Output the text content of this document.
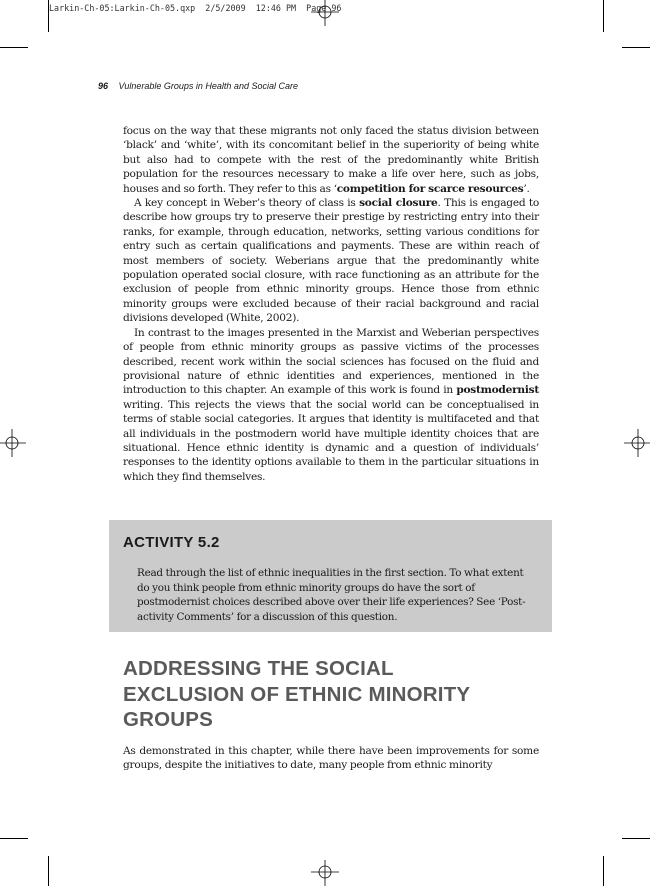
Larkin-Ch-05:Larkin-Ch-05.qxp  2/5/2009  12:46 PM  Page 96
96 Vulnerable Groups in Health and Social Care

focus on the way that these migrants not only faced the status division between ‘black’ and ‘white’, with its concomitant belief in the superiority of being white but also had to compete with the rest of the predominantly white British population for the resources necessary to make a life over here, such as jobs, houses and so forth. They refer to this as ‘competition for scarce resources’.

A key concept in Weber’s theory of class is social closure. This is engaged to describe how groups try to preserve their prestige by restricting entry into their ranks, for example, through education, networks, setting various conditions for entry such as certain qualifications and payments. These are within reach of most members of society. Weberians argue that the predominantly white population operated social closure, with race functioning as an attribute for the exclusion of people from ethnic minority groups. Hence those from ethnic minority groups were excluded because of their racial background and racial divisions developed (White, 2002).

In contrast to the images presented in the Marxist and Weberian perspectives of people from ethnic minority groups as passive victims of the processes described, recent work within the social sciences has focused on the fluid and provisional nature of ethnic identities and experiences, mentioned in the introduction to this chapter. An example of this work is found in postmodernist writing. This rejects the views that the social world can be conceptualised in terms of stable social categories. It argues that identity is multifaceted and that all individuals in the postmodern world have multiple identity choices that are situational. Hence ethnic identity is dynamic and a question of individuals’ responses to the identity options available to them in the particular situations in which they find themselves.

ACTIVITY 5.2

Read through the list of ethnic inequalities in the first section. To what extent do you think people from ethnic minority groups do have the sort of postmodernist choices described above over their life experiences? See ‘Post-activity Comments’ for a discussion of this question.

ADDRESSING THE SOCIAL
EXCLUSION OF ETHNIC MINORITY
GROUPS

As demonstrated in this chapter, while there have been improvements for some groups, despite the initiatives to date, many people from ethnic minority
